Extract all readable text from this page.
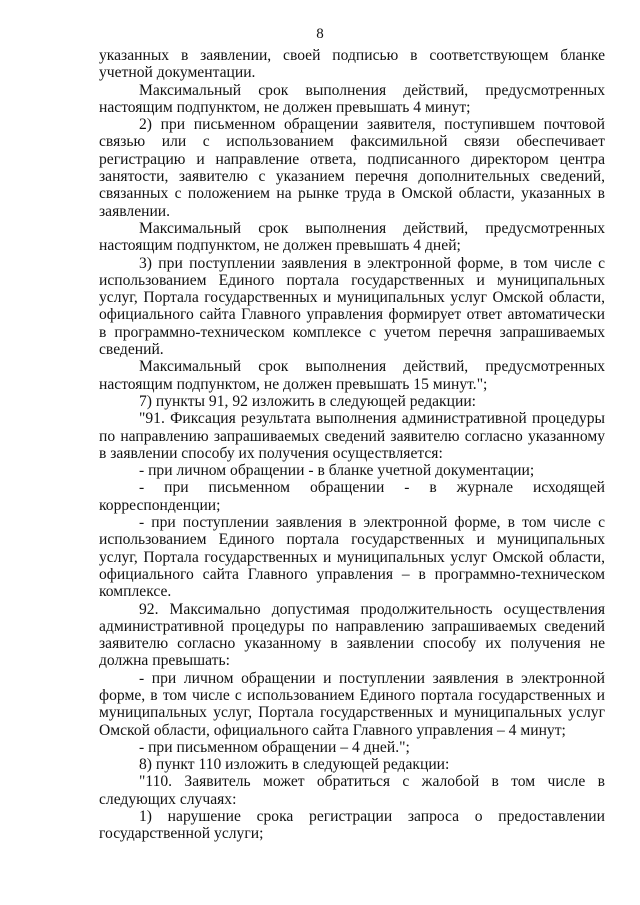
8

указанных в заявлении, своей подписью в соответствующем бланке учетной документации.

Максимальный срок выполнения действий, предусмотренных настоящим подпунктом, не должен превышать 4 минут;

2) при письменном обращении заявителя, поступившем почтовой связью или с использованием факсимильной связи обеспечивает регистрацию и направление ответа, подписанного директором центра занятости, заявителю с указанием перечня дополнительных сведений, связанных с положением на рынке труда в Омской области, указанных в заявлении.

Максимальный срок выполнения действий, предусмотренных настоящим подпунктом, не должен превышать 4 дней;

3) при поступлении заявления в электронной форме, в том числе с использованием Единого портала государственных и муниципальных услуг, Портала государственных и муниципальных услуг Омской области, официального сайта Главного управления формирует ответ автоматически в программно-техническом комплексе с учетом перечня запрашиваемых сведений.

Максимальный срок выполнения действий, предусмотренных настоящим подпунктом, не должен превышать 15 минут.";

7) пункты 91, 92 изложить в следующей редакции:

"91. Фиксация результата выполнения административной процедуры по направлению запрашиваемых сведений заявителю согласно указанному в заявлении способу их получения осуществляется:

- при личном обращении - в бланке учетной документации;

- при письменном обращении - в журнале исходящей корреспонденции;

- при поступлении заявления в электронной форме, в том числе с использованием Единого портала государственных и муниципальных услуг, Портала государственных и муниципальных услуг Омской области, официального сайта Главного управления – в программно-техническом комплексе.

92. Максимально допустимая продолжительность осуществления административной процедуры по направлению запрашиваемых сведений заявителю согласно указанному в заявлении способу их получения не должна превышать:

- при личном обращении и поступлении заявления в электронной форме, в том числе с использованием Единого портала государственных и муниципальных услуг, Портала государственных и муниципальных услуг Омской области, официального сайта Главного управления – 4 минут;

- при письменном обращении – 4 дней.";

8) пункт 110 изложить в следующей редакции:

"110. Заявитель может обратиться с жалобой в том числе в следующих случаях:

1) нарушение срока регистрации запроса о предоставлении государственной услуги;
